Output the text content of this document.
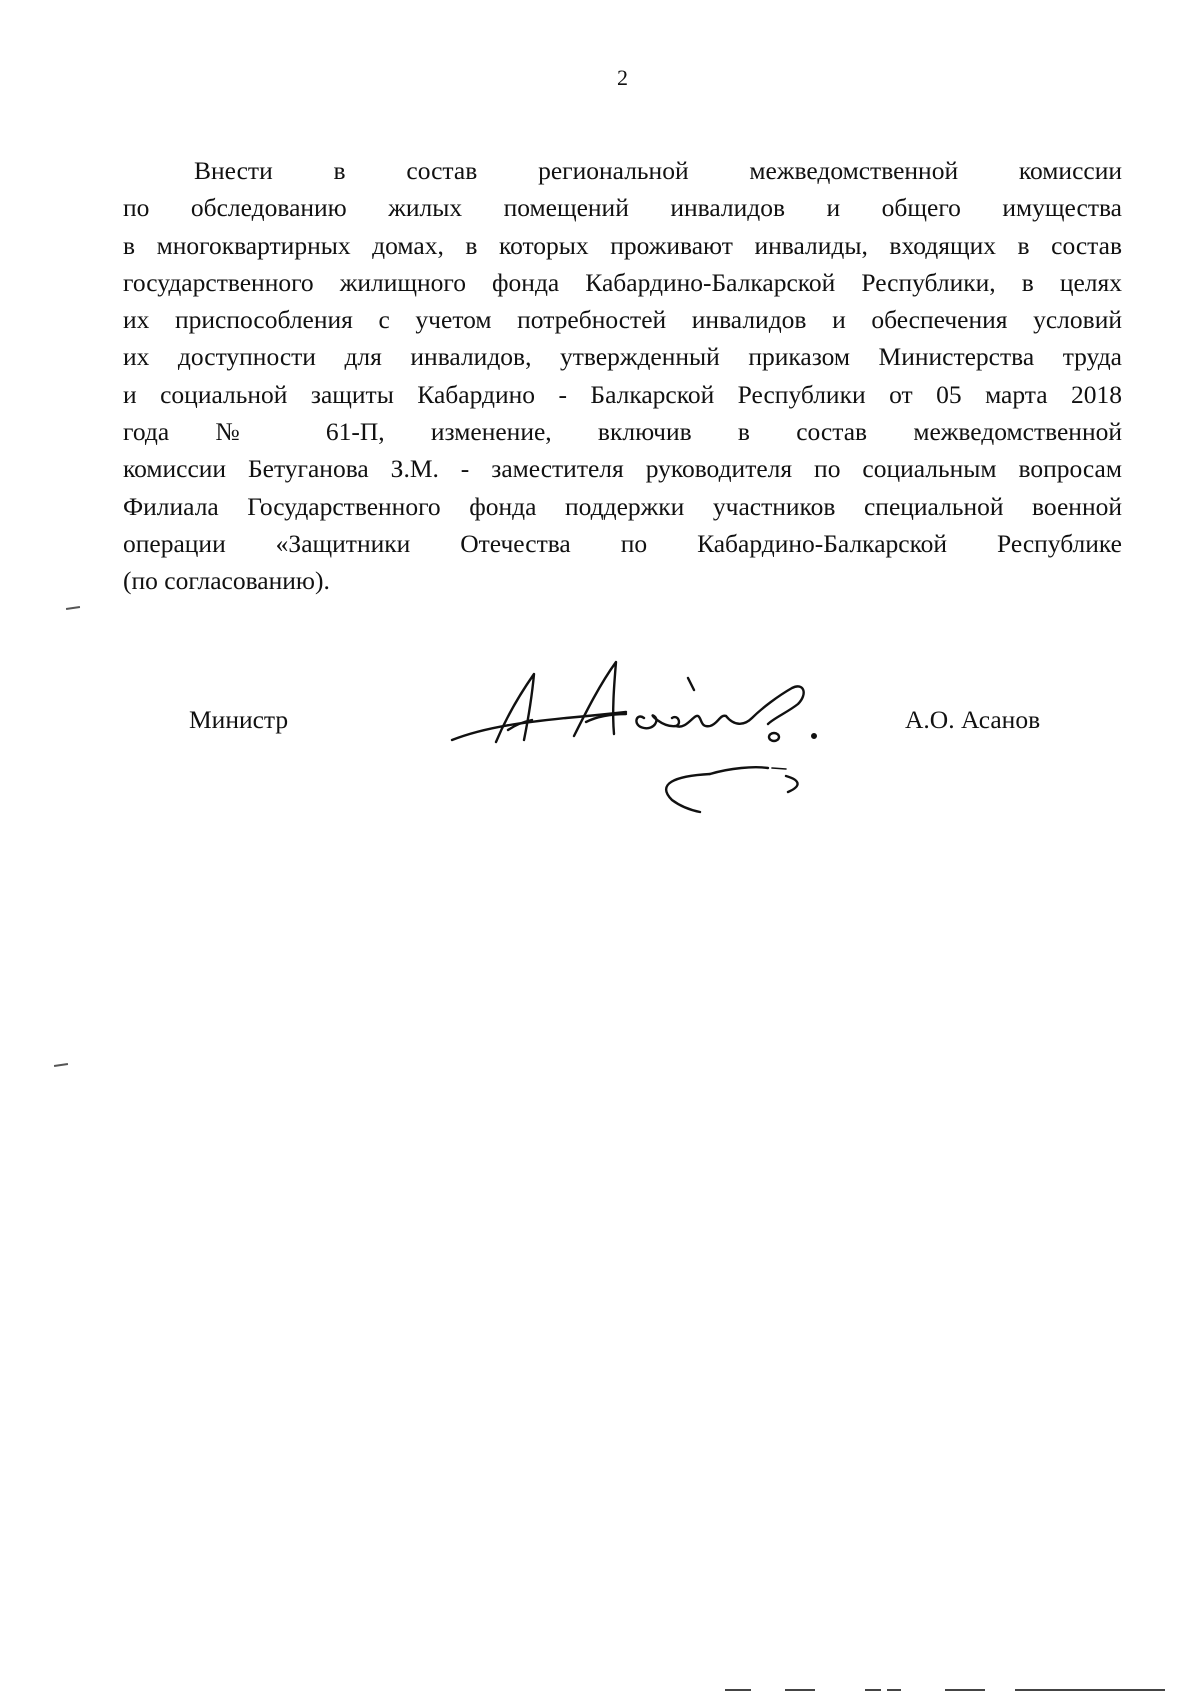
2

Внести в состав региональной межведомственной комиссии
по обследованию жилых помещений инвалидов и общего имущества
в многоквартирных домах, в которых проживают инвалиды, входящих в состав
государственного жилищного фонда Кабардино-Балкарской Республики, в целях
их приспособления с учетом потребностей инвалидов и обеспечения условий
их доступности для инвалидов, утвержденный приказом Министерства труда
и социальной защиты Кабардино - Балкарской Республики от 05 марта 2018
года № 61-П, изменение, включив в состав межведомственной
комиссии Бетуганова З.М. - заместителя руководителя по социальным вопросам
Филиала Государственного фонда поддержки участников специальной военной
операции «Защитники Отечества по Кабардино-Балкарской Республике
(по согласованию).

Министр	А.О. Асанов
